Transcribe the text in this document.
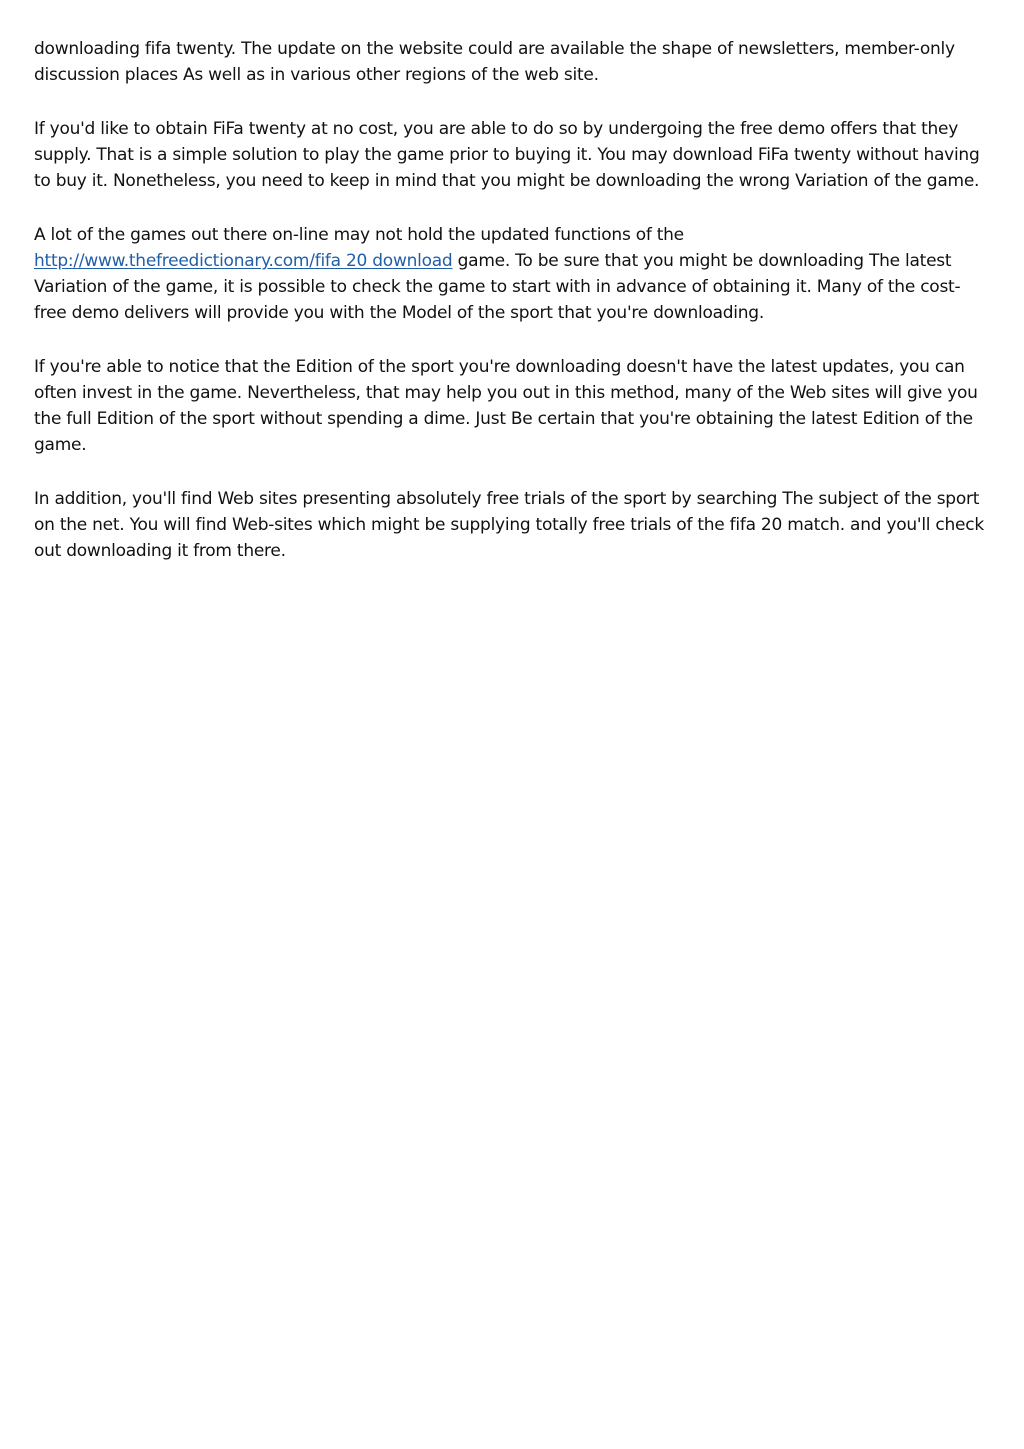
downloading fifa twenty. The update on the website could are available the shape of newsletters, member-only discussion places As well as in various other regions of the web site.

If you'd like to obtain FiFa twenty at no cost, you are able to do so by undergoing the free demo offers that they supply. That is a simple solution to play the game prior to buying it. You may download FiFa twenty without having to buy it. Nonetheless, you need to keep in mind that you might be downloading the wrong Variation of the game.

A lot of the games out there on-line may not hold the updated functions of the http://www.thefreedictionary.com/fifa 20 download game. To be sure that you might be downloading The latest Variation of the game, it is possible to check the game to start with in advance of obtaining it. Many of the cost-free demo delivers will provide you with the Model of the sport that you're downloading.

If you're able to notice that the Edition of the sport you're downloading doesn't have the latest updates, you can often invest in the game. Nevertheless, that may help you out in this method, many of the Web sites will give you the full Edition of the sport without spending a dime. Just Be certain that you're obtaining the latest Edition of the game.

In addition, you'll find Web sites presenting absolutely free trials of the sport by searching The subject of the sport on the net. You will find Web-sites which might be supplying totally free trials of the fifa 20 match. and you'll check out downloading it from there.
